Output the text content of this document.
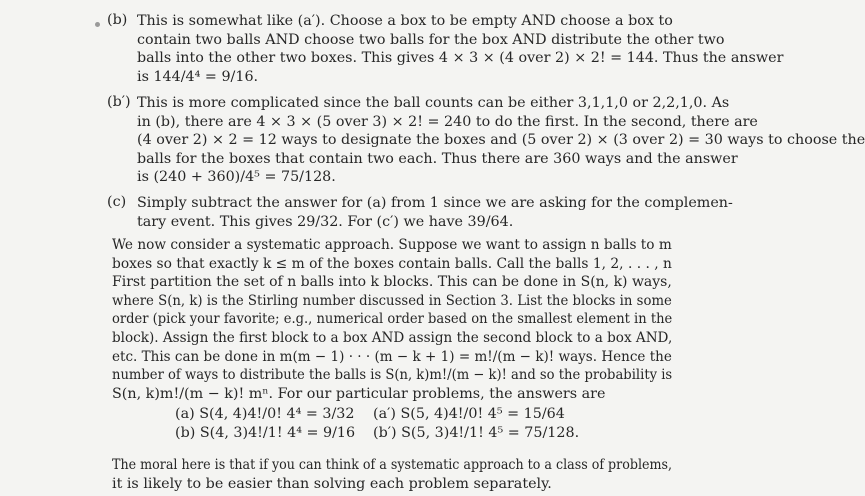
(b) This is somewhat like (a′). Choose a box to be empty AND choose a box to
contain two balls AND choose two balls for the box AND distribute the other two
balls into the other two boxes. This gives 4 × 3 × (4 over 2) × 2! = 144. Thus the answer
is 144/4⁴ = 9/16.
(b′) This is more complicated since the ball counts can be either 3,1,1,0 or 2,2,1,0. As
in (b), there are 4 × 3 × (5 over 3) × 2! = 240 to do the first. In the second, there are
(4 over 2) × 2 = 12 ways to designate the boxes and (5 over 2) × (3 over 2) = 30 ways to choose the
balls for the boxes that contain two each. Thus there are 360 ways and the answer
is (240 + 360)/4⁵ = 75/128.
(c) Simply subtract the answer for (a) from 1 since we are asking for the complemen-
tary event. This gives 29/32. For (c′) we have 39/64.
We now consider a systematic approach. Suppose we want to assign n balls to m
boxes so that exactly k ≤ m of the boxes contain balls. Call the balls 1, 2, . . . , n
First partition the set of n balls into k blocks. This can be done in S(n, k) ways,
where S(n, k) is the Stirling number discussed in Section 3. List the blocks in some
order (pick your favorite; e.g., numerical order based on the smallest element in the
block). Assign the first block to a box AND assign the second block to a box AND,
etc. This can be done in m(m − 1) · · · (m − k + 1) = m!/(m − k)! ways. Hence the
number of ways to distribute the balls is S(n, k)m!/(m − k)! and so the probability is
S(n, k)m!/(m − k)! mⁿ. For our particular problems, the answers are
(a) S(4, 4)4!/0! 4⁴ = 3/32
(b) S(4, 3)4!/1! 4⁴ = 9/16
(a′) S(5, 4)4!/0! 4⁵ = 15/64
(b′) S(5, 3)4!/1! 4⁵ = 75/128.
The moral here is that if you can think of a systematic approach to a class of problems,
it is likely to be easier than solving each problem separately.
